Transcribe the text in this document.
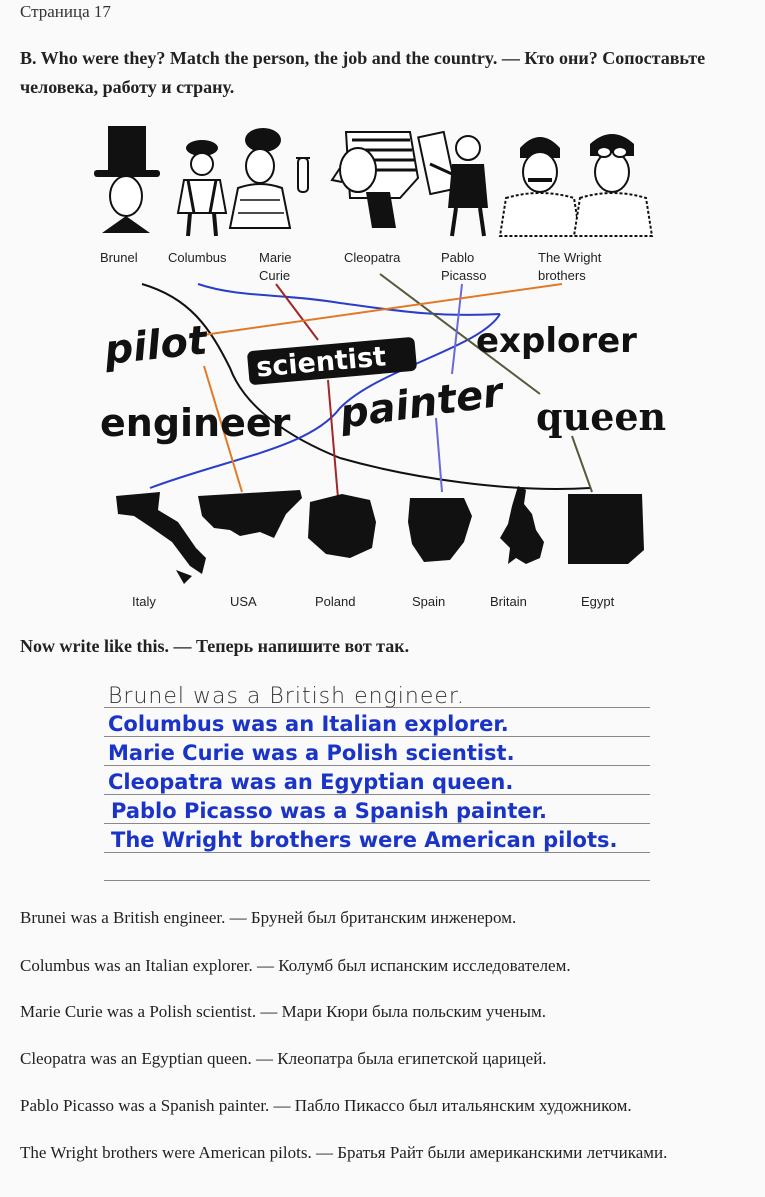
Страница 17
B. Who were they? Match the person, the job and the country. — Кто они? Сопоставьте человека, работу и страну.
Brunel Columbus Marie
Curie
Cleopatra	Pablo
Picasso
The Wright
brothers
pilot scientist
explorer
engineer painter queen
Italy	USA	Poland	Spain	Britain	Egypt
Now write like this. — Теперь напишите вот так.
Brunel was a British engineer.
Columbus was an Italian explorer.
Marie Curie was a Polish scientist.
Cleopatra was an Egyptian queen.
Pablo Picasso was a Spanish painter.
The Wright brothers were American pilots.
Brunei was a British engineer. — Бруней был британским инженером.
Columbus was an Italian explorer. — Колумб был испанским исследователем.
Marie Curie was a Polish scientist. — Мари Кюри была польским ученым.
Cleopatra was an Egyptian queen. — Клеопатра была египетской царицей.
Pablo Picasso was a Spanish painter. — Пабло Пикассо был итальянским художником.
The Wright brothers were American pilots. — Братья Райт были американскими летчиками.
